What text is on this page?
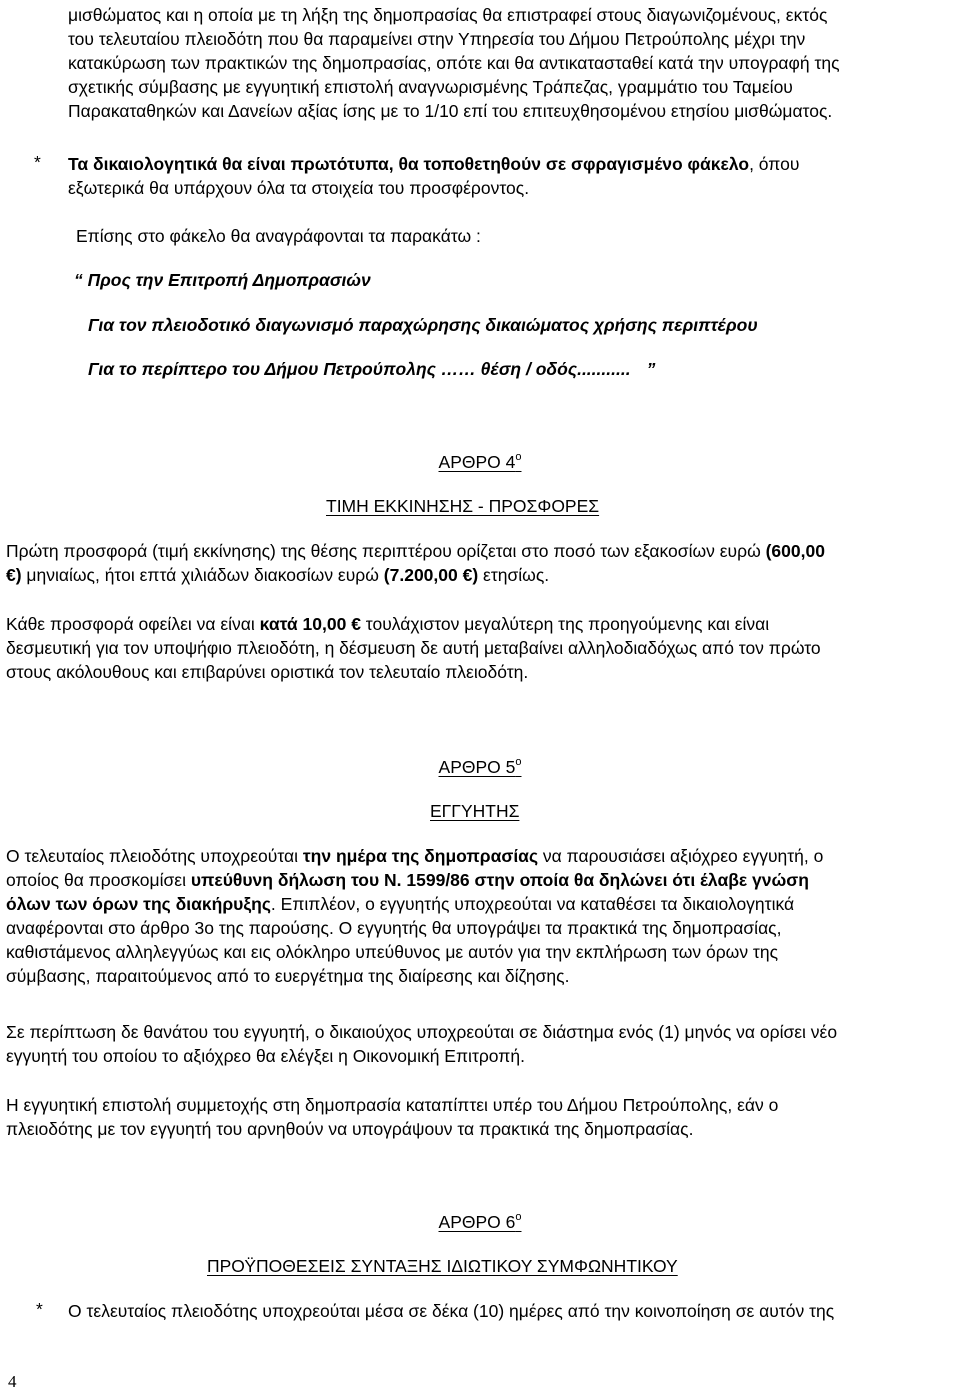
μισθώματος και η οποία με τη λήξη της δημοπρασίας θα επιστραφεί στους διαγωνιζομένους, εκτός
του τελευταίου πλειοδότη που θα παραμείνει στην Υπηρεσία του Δήμου Πετρούπολης μέχρι την
κατακύρωση των πρακτικών της δημοπρασίας, οπότε και θα αντικατασταθεί κατά την υπογραφή της
σχετικής σύμβασης με εγγυητική επιστολή αναγνωρισμένης Τράπεζας, γραμμάτιο του Ταμείου
Παρακαταθηκών και Δανείων αξίας ίσης με το 1/10 επί του επιτευχθησομένου ετησίου μισθώματος.
* Τα δικαιολογητικά θα είναι πρωτότυπα, θα τοποθετηθούν σε σφραγισμένο φάκελο, όπου
εξωτερικά θα υπάρχουν όλα τα στοιχεία του προσφέροντος.
Επίσης στο φάκελο θα αναγράφονται τα παρακάτω :
“ Προς την Επιτροπή Δημοπρασιών
Για τον πλειοδοτικό διαγωνισμό παραχώρησης δικαιώματος χρήσης περιπτέρου
Για το περίπτερο του Δήμου Πετρούπολης …… θέση / οδός........... ”
ΑΡΘΡΟ $4^o$
ΤΙΜΗ ΕΚΚΙΝΗΣΗΣ - ΠΡΟΣΦΟΡΕΣ
Πρώτη προσφορά (τιμή εκκίνησης) της θέσης περιπτέρου ορίζεται στο ποσό των εξακοσίων ευρώ (600,00
€) μηνιαίως, ήτοι επτά χιλιάδων διακοσίων ευρώ (7.200,00 €) ετησίως.
Κάθε προσφορά οφείλει να είναι κατά 10,00 € τουλάχιστον μεγαλύτερη της προηγούμενης και είναι
δεσμευτική για τον υποψήφιο πλειοδότη, η δέσμευση δε αυτή μεταβαίνει αλληλοδιαδόχως από τον πρώτο
στους ακόλουθους και επιβαρύνει οριστικά τον τελευταίο πλειοδότη.
ΑΡΘΡΟ $5^o$
ΕΓΓΥΗΤΗΣ
Ο τελευταίος πλειοδότης υποχρεούται την ημέρα της δημοπρασίας να παρουσιάσει αξιόχρεο εγγυητή, ο
οποίος θα προσκομίσει υπεύθυνη δήλωση του Ν. 1599/86 στην οποία θα δηλώνει ότι έλαβε γνώση
όλων των όρων της διακήρυξης. Επιπλέον, ο εγγυητής υποχρεούται να καταθέσει τα δικαιολογητικά
αναφέρονται στο άρθρο 3ο της παρούσης. Ο εγγυητής θα υπογράψει τα πρακτικά της δημοπρασίας,
καθιστάμενος αλληλεγγύως και εις ολόκληρο υπεύθυνος με αυτόν για την εκπλήρωση των όρων της
σύμβασης, παραιτούμενος από το ευεργέτημα της διαίρεσης και δίζησης.
Σε περίπτωση δε θανάτου του εγγυητή, ο δικαιούχος υποχρεούται σε διάστημα ενός (1) μηνός να ορίσει νέο
εγγυητή του οποίου το αξιόχρεο θα ελέγξει η Οικονομική Επιτροπή.
Η εγγυητική επιστολή συμμετοχής στη δημοπρασία καταπίπτει υπέρ του Δήμου Πετρούπολης, εάν ο
πλειοδότης με τον εγγυητή του αρνηθούν να υπογράψουν τα πρακτικά της δημοπρασίας.
ΑΡΘΡΟ $6^o$
ΠΡΟΫΠΟΘΕΣΕΙΣ ΣΥΝΤΑΞΗΣ ΙΔΙΩΤΙΚΟΥ ΣΥΜΦΩΝΗΤΙΚΟΥ
* Ο τελευταίος πλειοδότης υποχρεούται μέσα σε δέκα (10) ημέρες από την κοινοποίηση σε αυτόν της
4
